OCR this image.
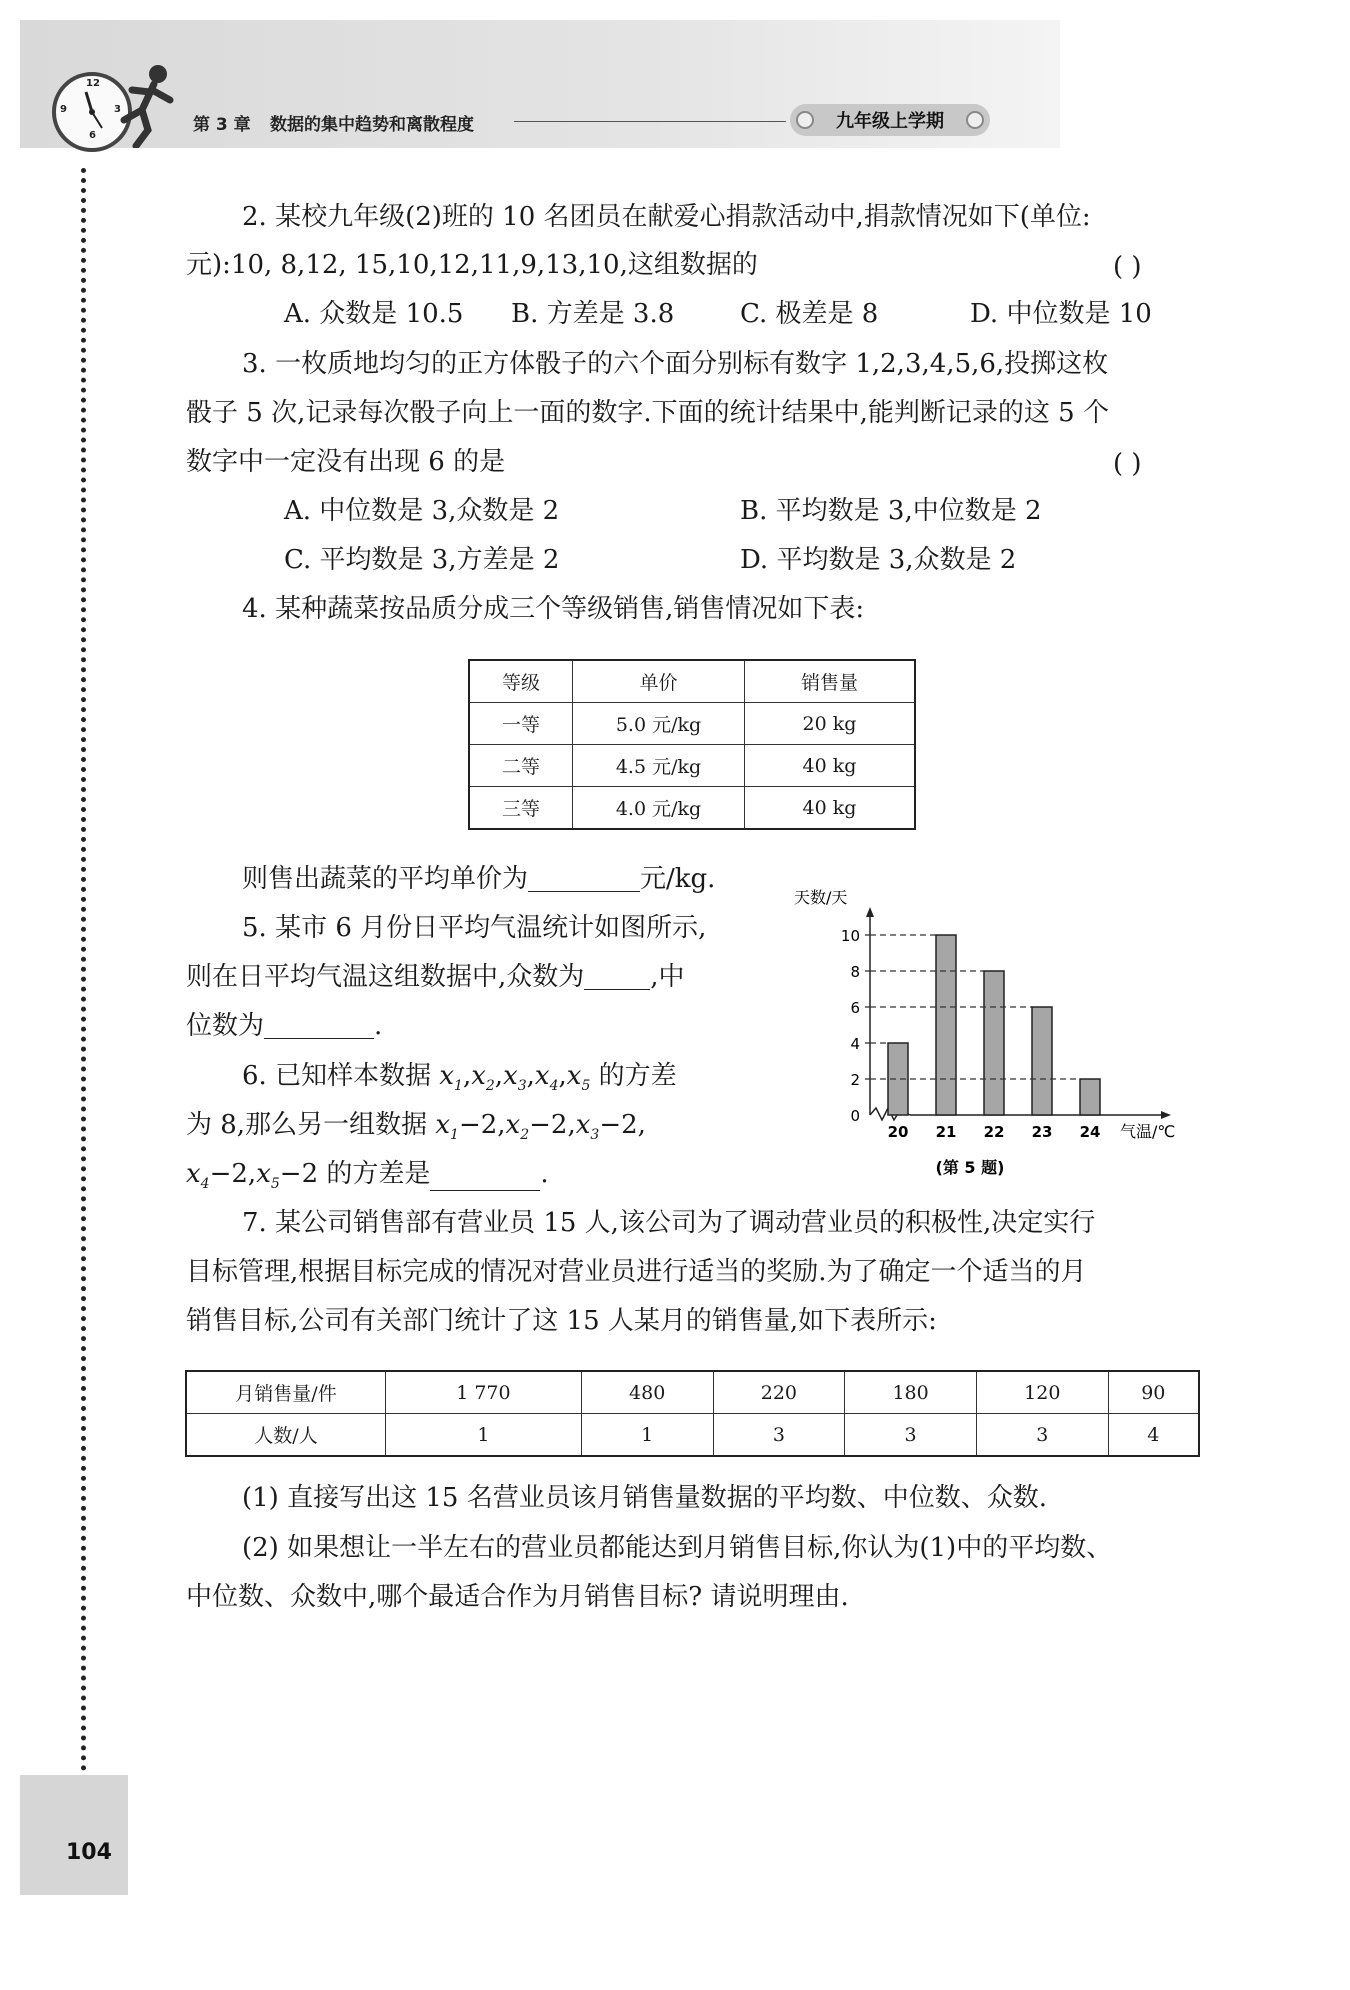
12
3
6
9
第 3 章 数据的集中趋势和离散程度	九年级上学期
104
2. 某校九年级(2)班的 10 名团员在献爱心捐款活动中,捐款情况如下(单位:
元):10, 8,12, 15,10,12,11,9,13,10,这组数据的	( )
A. 众数是 10.5 B. 方差是 3.8	C. 极差是 8	D. 中位数是 10
3. 一枚质地均匀的正方体骰子的六个面分别标有数字 1,2,3,4,5,6,投掷这枚
骰子 5 次,记录每次骰子向上一面的数字.下面的统计结果中,能判断记录的这 5 个
数字中一定没有出现 6 的是	( )
A. 中位数是 3,众数是 2	B. 平均数是 3,中位数是 2
C. 平均数是 3,方差是 2	D. 平均数是 3,众数是 2
4. 某种蔬菜按品质分成三个等级销售,销售情况如下表:
等级	单价	销售量
一等	5.0 元/kg	20 kg
二等	4.5 元/kg	40 kg
三等	4.0 元/kg	40 kg
则售出蔬菜的平均单价为	元/kg.
5. 某市 6 月份日平均气温统计如图所示,
则在日平均气温这组数据中,众数为	,中
位数为	.
天数/天
0
2
4
6
8
10
20 21 22 23 24 气温/℃
(第 5 题)
6. 已知样本数据 $x_1,x_2,x_3,x_4,x_5$ 的方差
为 8,那么另一组数据 $x_1-2,x_2-2,x_3-2$,
$x_4-2,x_5-2$ 的方差是	.
7. 某公司销售部有营业员 15 人,该公司为了调动营业员的积极性,决定实行
目标管理,根据目标完成的情况对营业员进行适当的奖励.为了确定一个适当的月
销售目标,公司有关部门统计了这 15 人某月的销售量,如下表所示:
月销售量/件	1 770	480	220	180	120	90
人数/人	1	1	3	3	3	4
(1) 直接写出这 15 名营业员该月销售量数据的平均数、中位数、众数.
(2) 如果想让一半左右的营业员都能达到月销售目标,你认为(1)中的平均数、
中位数、众数中,哪个最适合作为月销售目标? 请说明理由.
